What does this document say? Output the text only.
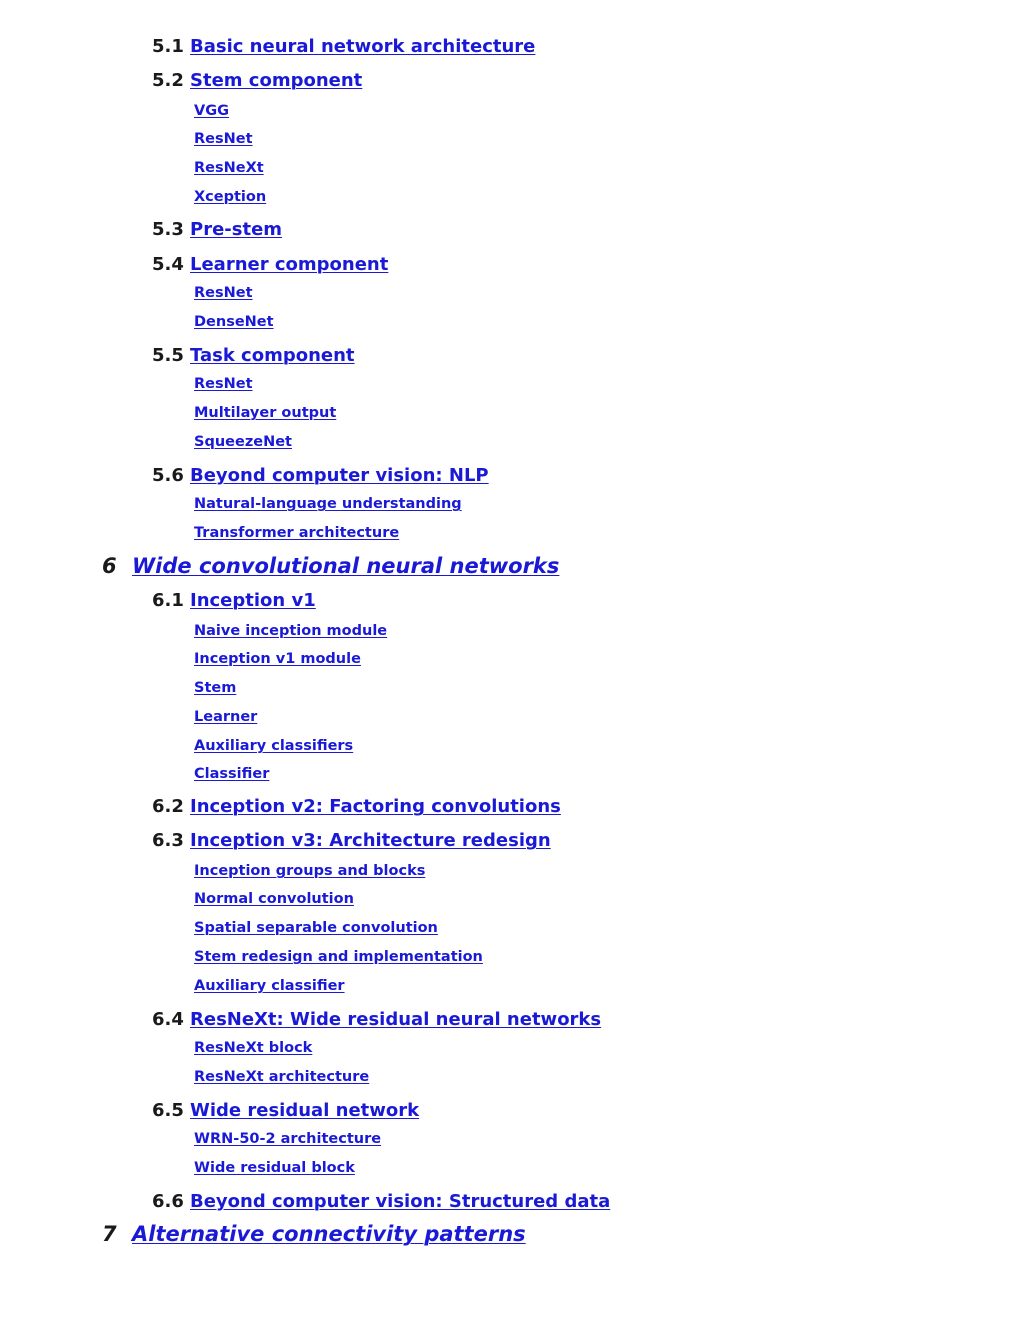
5.1 Basic neural network architecture
5.2 Stem component
VGG
ResNet
ResNeXt
Xception
5.3 Pre-stem
5.4 Learner component
ResNet
DenseNet
5.5 Task component
ResNet
Multilayer output
SqueezeNet
5.6 Beyond computer vision: NLP
Natural-language understanding
Transformer architecture
6 Wide convolutional neural networks
6.1 Inception v1
Naive inception module
Inception v1 module
Stem
Learner
Auxiliary classifiers
Classifier
6.2 Inception v2: Factoring convolutions
6.3 Inception v3: Architecture redesign
Inception groups and blocks
Normal convolution
Spatial separable convolution
Stem redesign and implementation
Auxiliary classifier
6.4 ResNeXt: Wide residual neural networks
ResNeXt block
ResNeXt architecture
6.5 Wide residual network
WRN-50-2 architecture
Wide residual block
6.6 Beyond computer vision: Structured data
7 Alternative connectivity patterns
